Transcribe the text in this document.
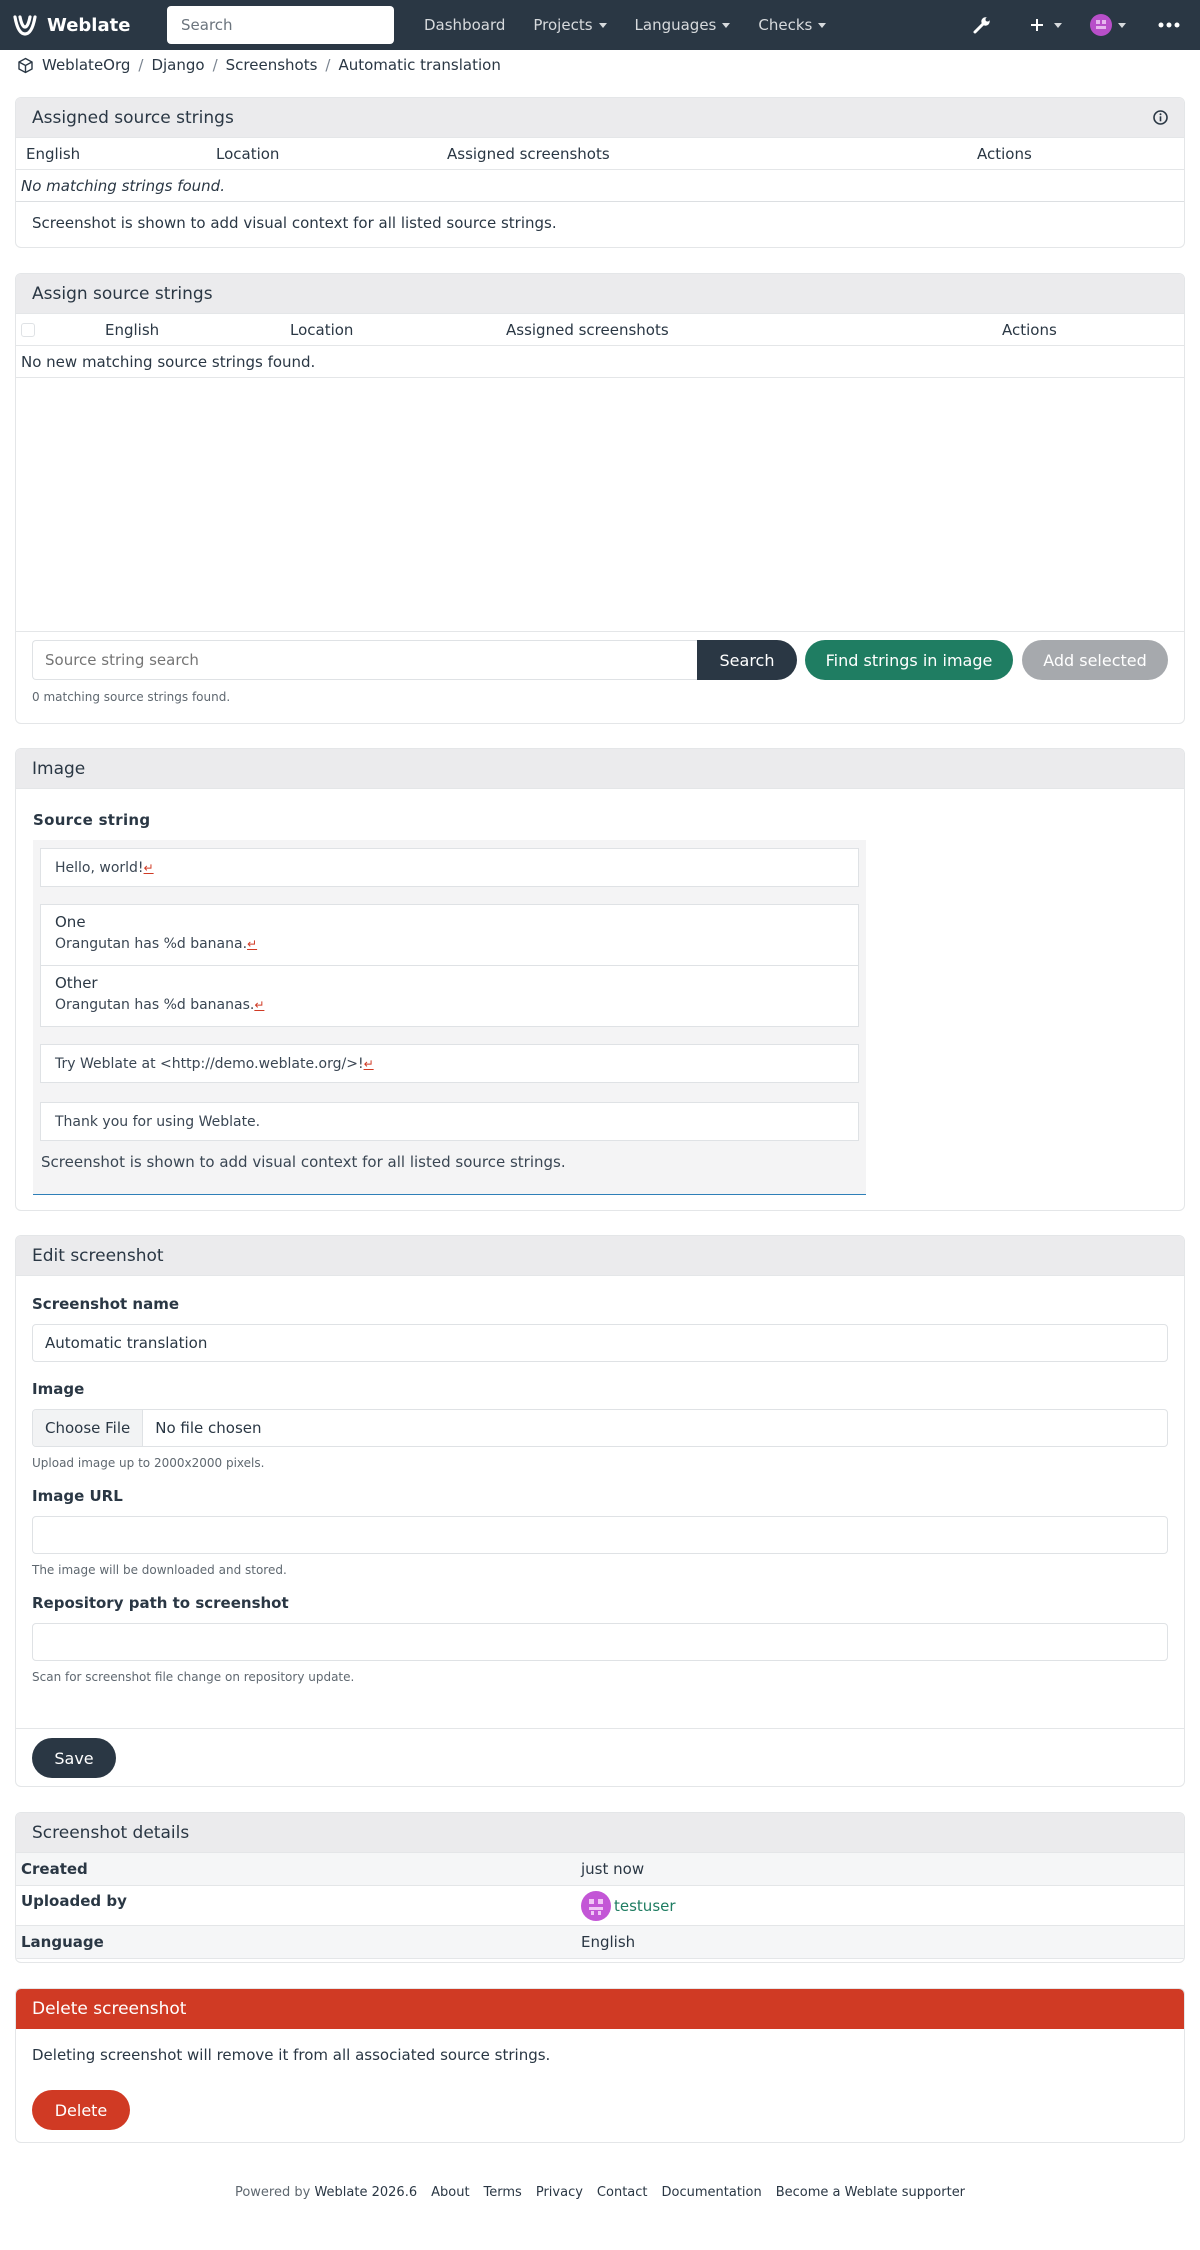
Weblate
Search	Dashboard Projects	Languages	Checks
WeblateOrg / Django / Screenshots / Automatic translation
Assigned source strings
English	Location	Assigned screenshots	Actions
No matching strings found.
Screenshot is shown to add visual context for all listed source strings.
Assign source strings
English	Location	Assigned screenshots	Actions
No new matching source strings found.
Source string search
Search	Find strings in image	Add selected
0 matching source strings found.
Image
Source string
Hello, world! ↵
One
Orangutan has %d banana.↵
Other
Orangutan has %d bananas.↵
Try Weblate at <http://demo.weblate.org/>! ↵
Thank you for using Weblate.
Screenshot is shown to add visual context for all listed source strings.
Edit screenshot
Screenshot name
Automatic translation
Image
Choose File	No file chosen
Upload image up to 2000x2000 pixels.
Image URL
The image will be downloaded and stored.
Repository path to screenshot
Scan for screenshot file change on repository update.
Save
Screenshot details
Created	just now
Uploaded by	testuser
Language	English
Delete screenshot
Deleting screenshot will remove it from all associated source strings.
Delete
Powered by Weblate 2026.6 About Terms Privacy Contact Documentation Become a Weblate supporter
